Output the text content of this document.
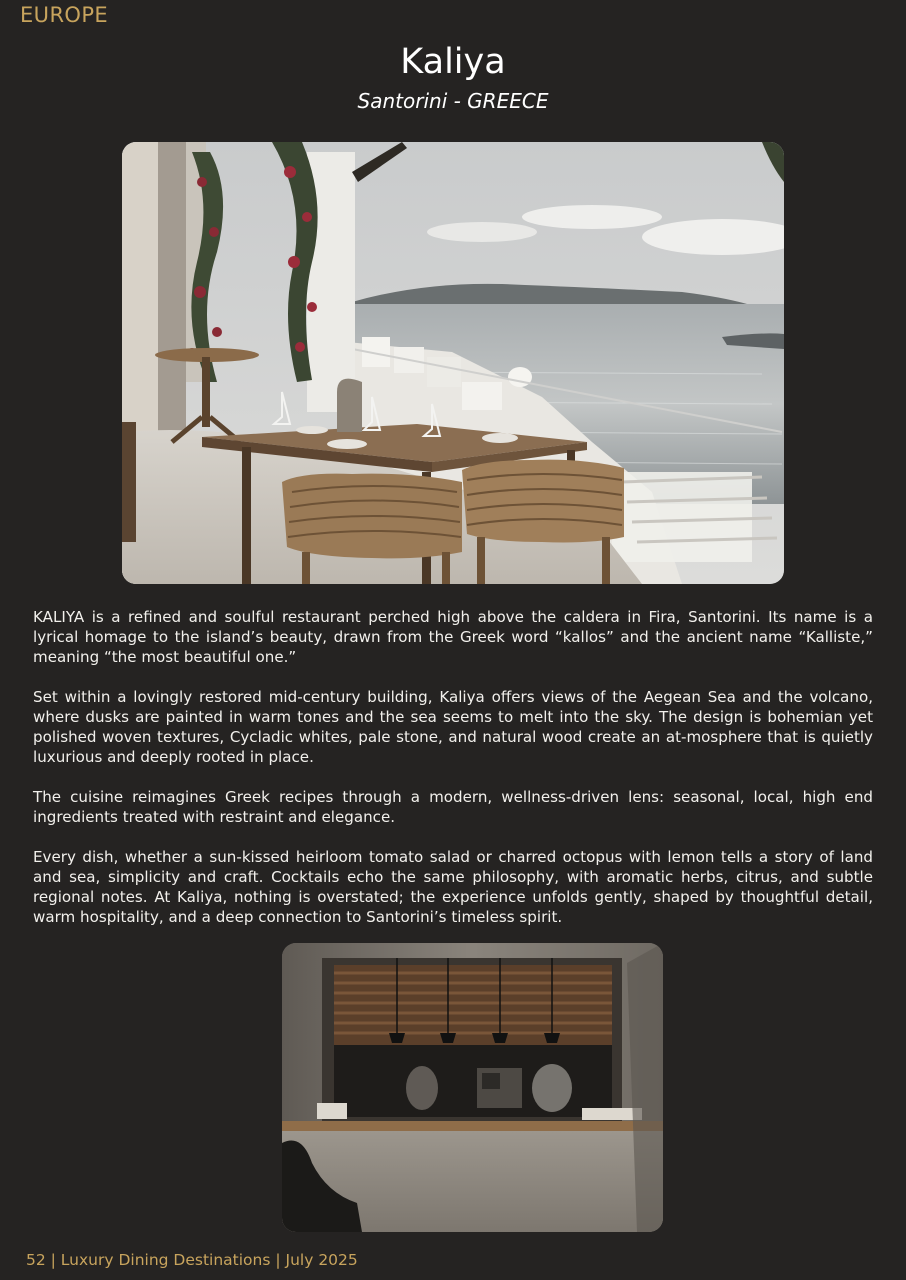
EUROPE
Kaliya
Santorini - GREECE

KALIYA is a refined and soulful restaurant perched high above the caldera in Fira, Santorini. Its name is a lyrical homage to the island’s beauty, drawn from the Greek word “kallos” and the ancient name “Kalliste,” meaning “the most beautiful one.”

Set within a lovingly restored mid-century building, Kaliya offers views of the Aegean Sea and the volcano, where dusks are painted in warm tones and the sea seems to melt into the sky. The design is bohemian yet polished woven textures, Cycladic whites, pale stone, and natural wood create an at-mosphere that is quietly luxurious and deeply rooted in place.

The cuisine reimagines Greek recipes through a modern, wellness-driven lens: seasonal, local, high end ingredients treated with restraint and elegance.

Every dish, whether a sun-kissed heirloom tomato salad or charred octopus with lemon tells a story of land and sea, simplicity and craft. Cocktails echo the same philosophy, with aromatic herbs, citrus, and subtle regional notes. At Kaliya, nothing is overstated; the experience unfolds gently, shaped by thoughtful detail, warm hospitality, and a deep connection to Santorini’s timeless spirit.

52 | Luxury Dining Destinations | July 2025
